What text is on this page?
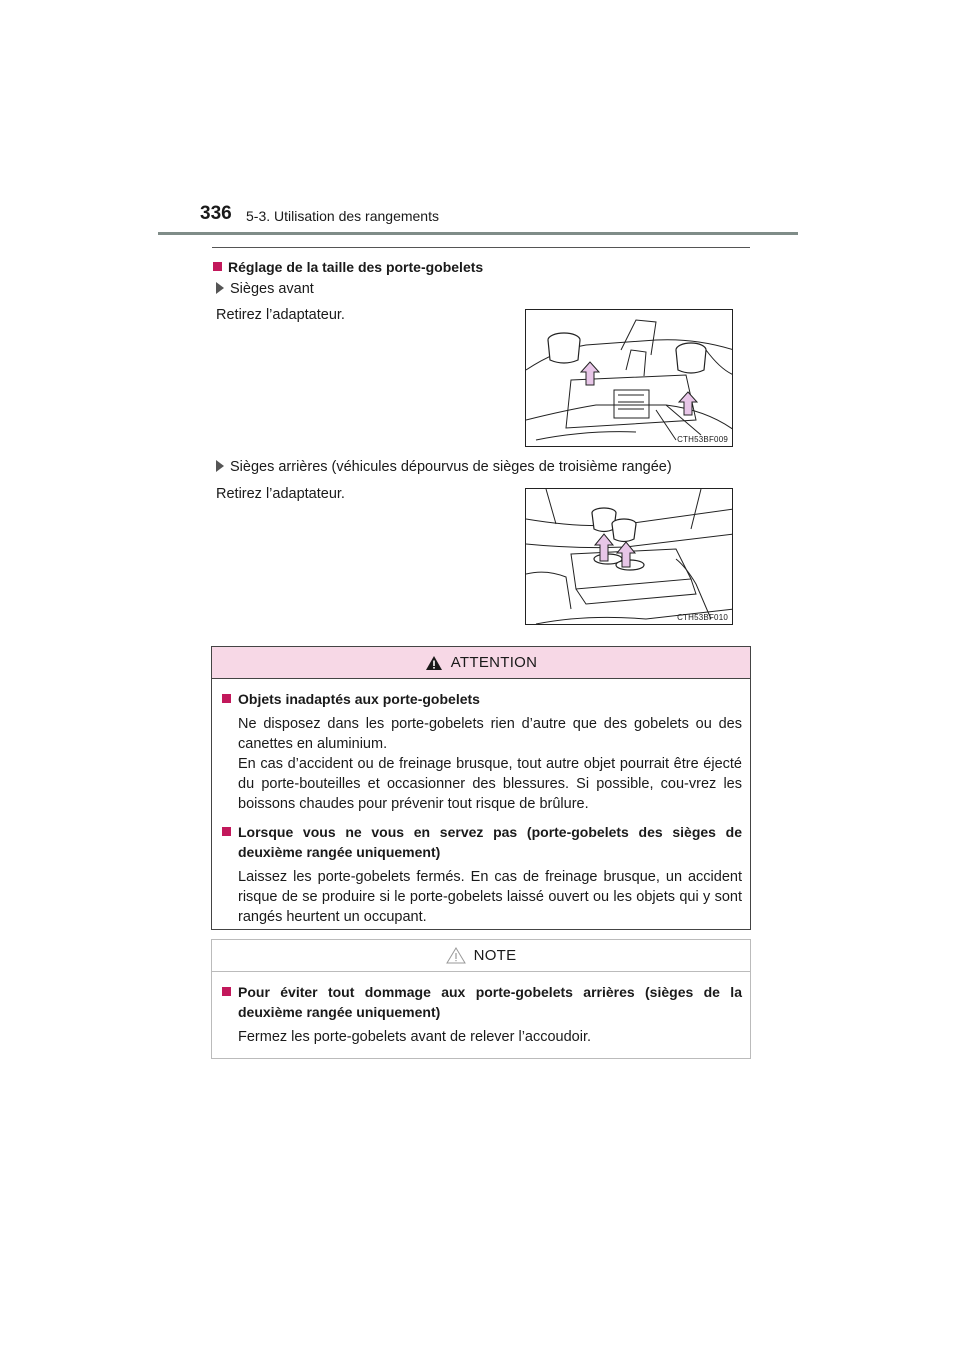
336 5-3. Utilisation des rangements
Réglage de la taille des porte-gobelets
Sièges avant
Retirez l’adaptateur.
CTH53BF009
Sièges arrières (véhicules dépourvus de sièges de troisième rangée)
Retirez l’adaptateur.
CTH53BF010
ATTENTION
Objets inadaptés aux porte-gobelets
Ne disposez dans les porte-gobelets rien d’autre que des gobelets ou des canettes en aluminium.
En cas d’accident ou de freinage brusque, tout autre objet pourrait être éjecté du porte-bouteilles et occasionner des blessures. Si possible, cou-vrez les boissons chaudes pour prévenir tout risque de brûlure.
Lorsque vous ne vous en servez pas (porte-gobelets des sièges de deuxième rangée uniquement)
Laissez les porte-gobelets fermés. En cas de freinage brusque, un accident risque de se produire si le porte-gobelets laissé ouvert ou les objets qui y sont rangés heurtent un occupant.
NOTE
Pour éviter tout dommage aux porte-gobelets arrières (sièges de la deuxième rangée uniquement)
Fermez les porte-gobelets avant de relever l’accoudoir.
